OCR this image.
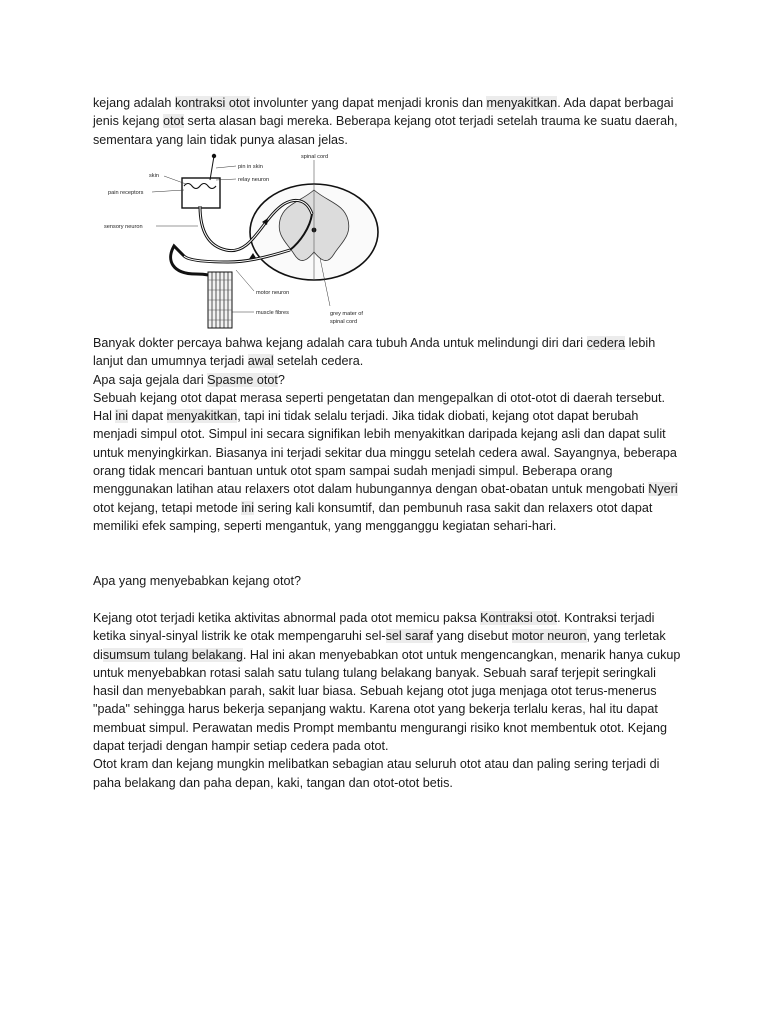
kejang adalah kontraksi otot involunter yang dapat menjadi kronis dan menyakitkan. Ada dapat berbagai jenis kejang otot serta alasan bagi mereka. Beberapa kejang otot terjadi setelah trauma ke suatu daerah, sementara yang lain tidak punya alasan jelas.

spinal cord
pin in skin
relay neuron
skin
pain receptors
sensory neuron
motor neuron
muscle fibres	grey mater of
spinal cord
Banyak dokter percaya bahwa kejang adalah cara tubuh Anda untuk melindungi diri dari cedera lebih lanjut dan umumnya terjadi awal setelah cedera.
Apa saja gejala dari Spasme otot?
Sebuah kejang otot dapat merasa seperti pengetatan dan mengepalkan di otot-otot di daerah tersebut. Hal ini dapat menyakitkan, tapi ini tidak selalu terjadi. Jika tidak diobati, kejang otot dapat berubah menjadi simpul otot. Simpul ini secara signifikan lebih menyakitkan daripada kejang asli dan dapat sulit untuk menyingkirkan. Biasanya ini terjadi sekitar dua minggu setelah cedera awal. Sayangnya, beberapa orang tidak mencari bantuan untuk otot spam sampai sudah menjadi simpul. Beberapa orang menggunakan latihan atau relaxers otot dalam hubungannya dengan obat-obatan untuk mengobati Nyeri otot kejang, tetapi metode ini sering kali konsumtif, dan pembunuh rasa sakit dan relaxers otot dapat memiliki efek samping, seperti mengantuk, yang mengganggu kegiatan sehari-hari.
Apa yang menyebabkan kejang otot?
Kejang otot terjadi ketika aktivitas abnormal pada otot memicu paksa Kontraksi otot. Kontraksi terjadi ketika sinyal-sinyal listrik ke otak mempengaruhi sel-sel saraf yang disebut motor neuron, yang terletak disumsum tulang belakang. Hal ini akan menyebabkan otot untuk mengencangkan, menarik hanya cukup untuk menyebabkan rotasi salah satu tulang tulang belakang banyak. Sebuah saraf terjepit seringkali hasil dan menyebabkan parah, sakit luar biasa. Sebuah kejang otot juga menjaga otot terus-menerus "pada" sehingga harus bekerja sepanjang waktu. Karena otot yang bekerja terlalu keras, hal itu dapat membuat simpul. Perawatan medis Prompt membantu mengurangi risiko knot membentuk otot. Kejang dapat terjadi dengan hampir setiap cedera pada otot.
Otot kram dan kejang mungkin melibatkan sebagian atau seluruh otot atau dan paling sering terjadi di paha belakang dan paha depan, kaki, tangan dan otot-otot betis.
